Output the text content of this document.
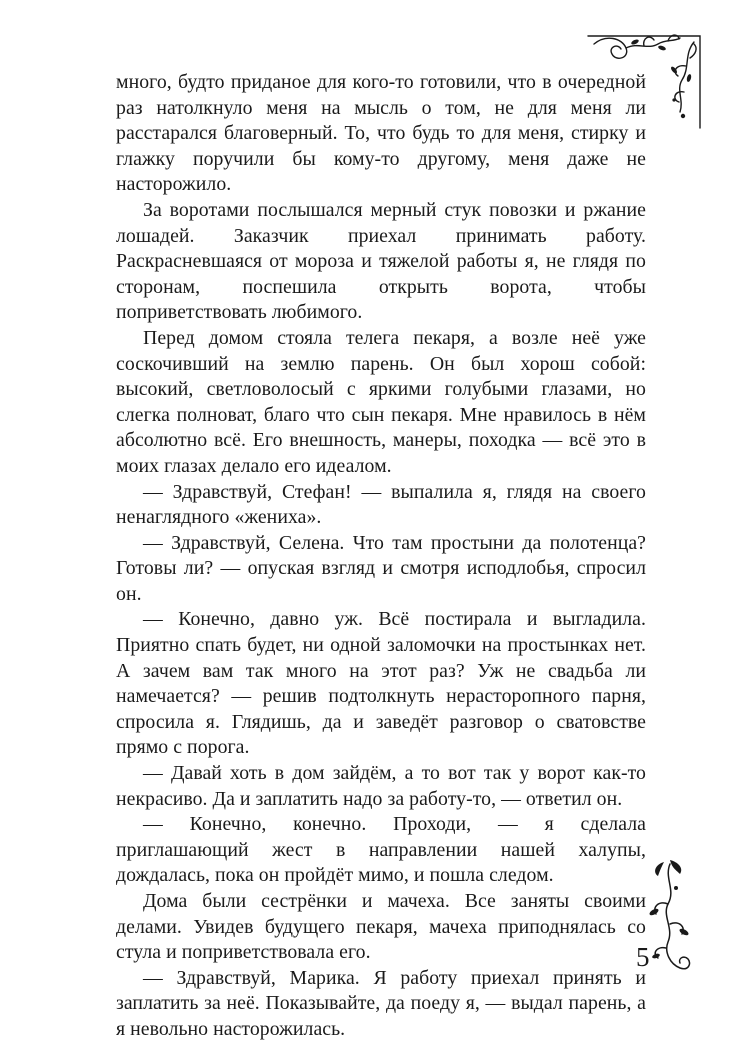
много, будто приданое для кого-то готовили, что в очередной раз натолкнуло меня на мысль о том, не для меня ли расстарался благоверный. То, что будь то для меня, стирку и глажку поручили бы кому-то другому, меня даже не насторожило.

За воротами послышался мерный стук повозки и ржание лошадей. Заказчик приехал принимать работу. Раскрасневшаяся от мороза и тяжелой работы я, не глядя по сторонам, поспешила открыть ворота, чтобы поприветствовать любимого.

Перед домом стояла телега пекаря, а возле неё уже соскочивший на землю парень. Он был хорош собой: высокий, светловолосый с яркими голубыми глазами, но слегка полноват, благо что сын пекаря. Мне нравилось в нём абсолютно всё. Его внешность, манеры, походка — всё это в моих глазах делало его идеалом.

— Здравствуй, Стефан! — выпалила я, глядя на своего ненаглядного «жениха».

— Здравствуй, Селена. Что там простыни да полотенца? Готовы ли? — опуская взгляд и смотря исподлобья, спросил он.

— Конечно, давно уж. Всё постирала и выгладила. Приятно спать будет, ни одной заломочки на простынках нет. А зачем вам так много на этот раз? Уж не свадьба ли намечается? — решив подтолкнуть нерасторопного парня, спросила я. Глядишь, да и заведёт разговор о сватовстве прямо с порога.

— Давай хоть в дом зайдём, а то вот так у ворот как-то некрасиво. Да и заплатить надо за работу-то, — ответил он.

— Конечно, конечно. Проходи, — я сделала приглашающий жест в направлении нашей халупы, дождалась, пока он пройдёт мимо, и пошла следом.

Дома были сестрёнки и мачеха. Все заняты своими делами. Увидев будущего пекаря, мачеха приподнялась со стула и поприветствовала его.

— Здравствуй, Марика. Я работу приехал принять и заплатить за неё. Показывайте, да поеду я, — выдал парень, а я невольно насторожилась.

5
